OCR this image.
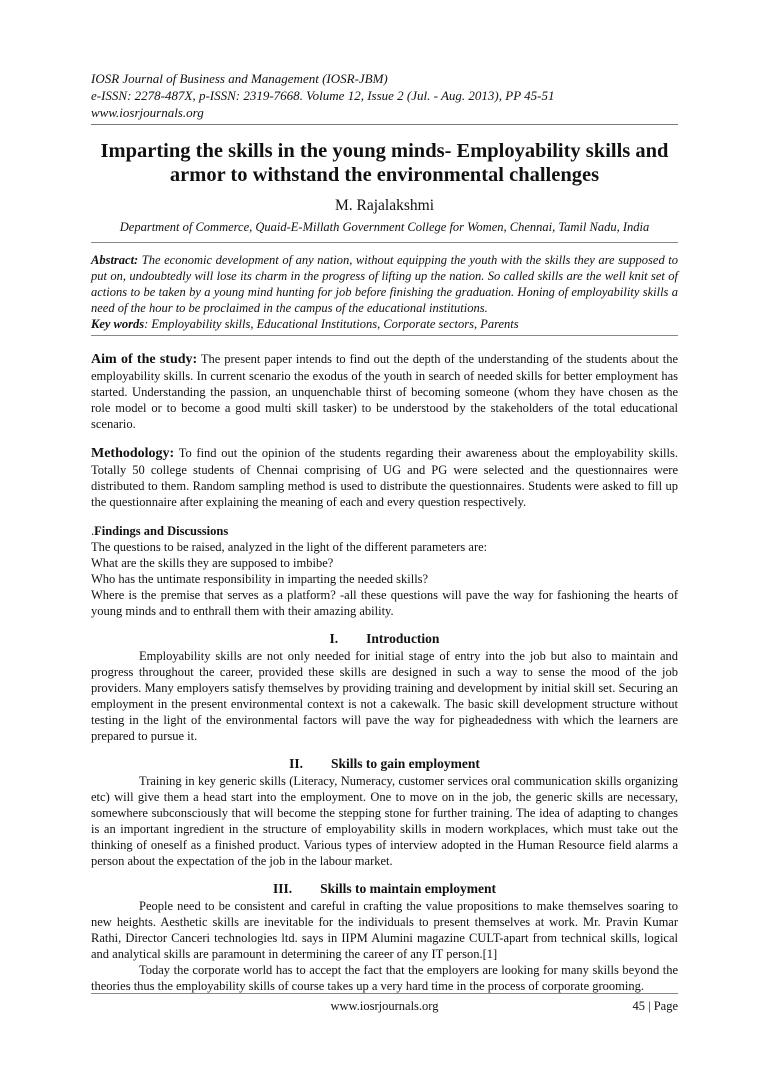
IOSR Journal of Business and Management (IOSR-JBM)
e-ISSN: 2278-487X, p-ISSN: 2319-7668. Volume 12, Issue 2 (Jul. - Aug. 2013), PP 45-51
www.iosrjournals.org
Imparting the skills in the young minds- Employability skills and armor to withstand the environmental challenges
M. Rajalakshmi
Department of Commerce, Quaid-E-Millath Government College for Women, Chennai, Tamil Nadu, India

Abstract: The economic development of any nation, without equipping the youth with the skills they are supposed to put on, undoubtedly will lose its charm in the progress of lifting up the nation. So called skills are the well knit set of actions to be taken by a young mind hunting for job before finishing the graduation. Honing of employability skills a need of the hour to be proclaimed in the campus of the educational institutions.

Key words: Employability skills, Educational Institutions, Corporate sectors, Parents

Aim of the study: The present paper intends to find out the depth of the understanding of the students about the employability skills. In current scenario the exodus of the youth in search of needed skills for better employment has started. Understanding the passion, an unquenchable thirst of becoming someone (whom they have chosen as the role model or to become a good multi skill tasker) to be understood by the stakeholders of the total educational scenario.

Methodology: To find out the opinion of the students regarding their awareness about the employability skills. Totally 50 college students of Chennai comprising of UG and PG were selected and the questionnaires were distributed to them. Random sampling method is used to distribute the questionnaires. Students were asked to fill up the questionnaire after explaining the meaning of each and every question respectively.

.Findings and Discussions

The questions to be raised, analyzed in the light of the different parameters are:

What are the skills they are supposed to imbibe?

Who has the untimate responsibility in imparting the needed skills?

Where is the premise that serves as a platform? -all these questions will pave the way for fashioning the hearts of young minds and to enthrall them with their amazing ability.

I. Introduction

Employability skills are not only needed for initial stage of entry into the job but also to maintain and progress throughout the career, provided these skills are designed in such a way to sense the mood of the job providers. Many employers satisfy themselves by providing training and development by initial skill set. Securing an employment in the present environmental context is not a cakewalk. The basic skill development structure without testing in the light of the environmental factors will pave the way for pigheadedness with which the learners are prepared to pursue it.

II. Skills to gain employment

Training in key generic skills (Literacy, Numeracy, customer services oral communication skills organizing etc) will give them a head start into the employment. One to move on in the job, the generic skills are necessary, somewhere subconsciously that will become the stepping stone for further training. The idea of adapting to changes is an important ingredient in the structure of employability skills in modern workplaces, which must take out the thinking of oneself as a finished product. Various types of interview adopted in the Human Resource field alarms a person about the expectation of the job in the labour market.

III. Skills to maintain employment

People need to be consistent and careful in crafting the value propositions to make themselves soaring to new heights. Aesthetic skills are inevitable for the individuals to present themselves at work. Mr. Pravin Kumar Rathi, Director Canceri technologies ltd. says in IIPM Alumini magazine CULT-apart from technical skills, logical and analytical skills are paramount in determining the career of any IT person.[1]

Today the corporate world has to accept the fact that the employers are looking for many skills beyond the theories thus the employability skills of course takes up a very hard time in the process of corporate grooming.

www.iosrjournals.org	45 | Page
